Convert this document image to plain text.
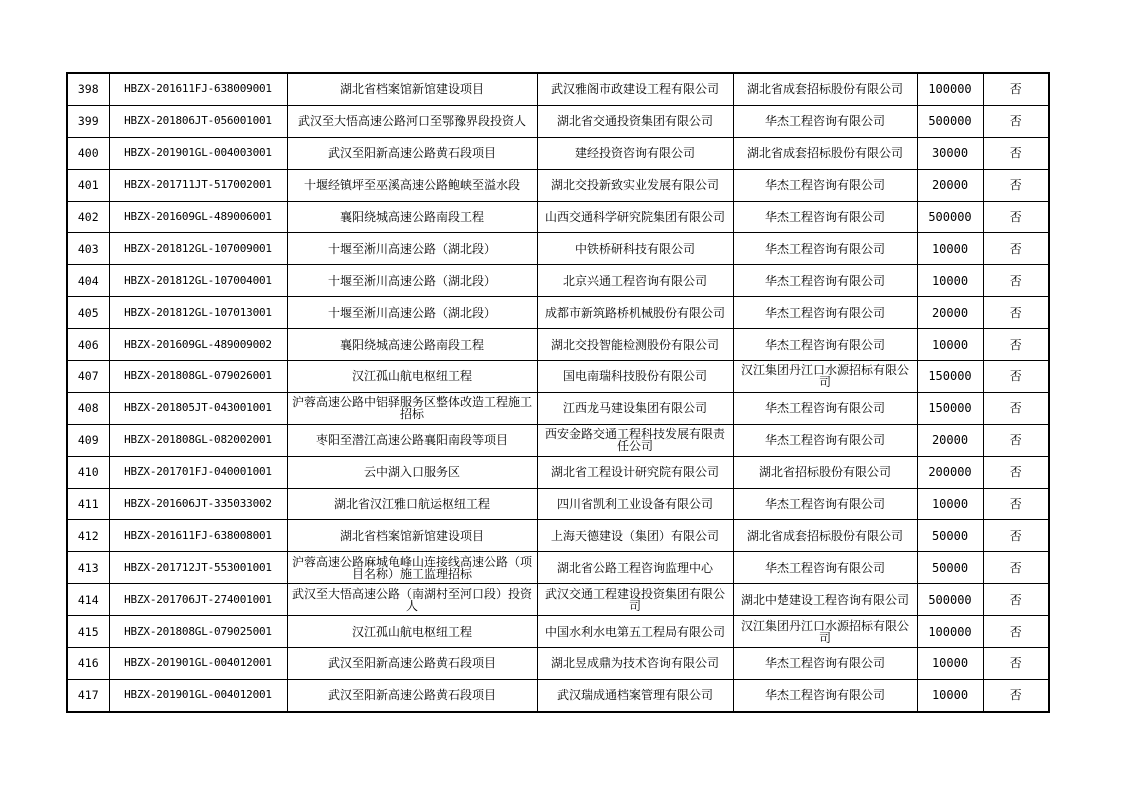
398	HBZX-201611FJ-638009001	湖北省档案馆新馆建设项目	武汉雅阁市政建设工程有限公司	湖北省成套招标股份有限公司	100000	否
399	HBZX-201806JT-056001001	武汉至大悟高速公路河口至鄂豫界段投资人	湖北省交通投资集团有限公司	华杰工程咨询有限公司	500000	否
400	HBZX-201901GL-004003001	武汉至阳新高速公路黄石段项目	建经投资咨询有限公司	湖北省成套招标股份有限公司	30000	否
401	HBZX-201711JT-517002001	十堰经镇坪至巫溪高速公路鲍峡至溢水段	湖北交投新致实业发展有限公司	华杰工程咨询有限公司	20000	否
402	HBZX-201609GL-489006001	襄阳绕城高速公路南段工程	山西交通科学研究院集团有限公司	华杰工程咨询有限公司	500000	否
403	HBZX-201812GL-107009001	十堰至淅川高速公路（湖北段）	中铁桥研科技有限公司	华杰工程咨询有限公司	10000	否
404	HBZX-201812GL-107004001	十堰至淅川高速公路（湖北段）	北京兴通工程咨询有限公司	华杰工程咨询有限公司	10000	否
405	HBZX-201812GL-107013001	十堰至淅川高速公路（湖北段）	成都市新筑路桥机械股份有限公司	华杰工程咨询有限公司	20000	否
406	HBZX-201609GL-489009002	襄阳绕城高速公路南段工程	湖北交投智能检测股份有限公司	华杰工程咨询有限公司	10000	否
407	HBZX-201808GL-079026001	汉江孤山航电枢纽工程	国电南瑞科技股份有限公司	汉江集团丹江口水源招标有限公司	150000	否
408	HBZX-201805JT-043001001	沪蓉高速公路中铝驿服务区整体改造工程施工招标	江西龙马建设集团有限公司	华杰工程咨询有限公司	150000	否
409	HBZX-201808GL-082002001	枣阳至潜江高速公路襄阳南段等项目	西安金路交通工程科技发展有限责任公司	华杰工程咨询有限公司	20000	否
410	HBZX-201701FJ-040001001	云中湖入口服务区	湖北省工程设计研究院有限公司	湖北省招标股份有限公司	200000	否
411	HBZX-201606JT-335033002	湖北省汉江雅口航运枢纽工程	四川省凯利工业设备有限公司	华杰工程咨询有限公司	10000	否
412	HBZX-201611FJ-638008001	湖北省档案馆新馆建设项目	上海天德建设（集团）有限公司	湖北省成套招标股份有限公司	50000	否
413	HBZX-201712JT-553001001	沪蓉高速公路麻城龟峰山连接线高速公路（项目名称）施工监理招标	湖北省公路工程咨询监理中心	华杰工程咨询有限公司	50000	否
414	HBZX-201706JT-274001001	武汉至大悟高速公路（南湖村至河口段）投资人	武汉交通工程建设投资集团有限公司	湖北中楚建设工程咨询有限公司	500000	否
415	HBZX-201808GL-079025001	汉江孤山航电枢纽工程	中国水利水电第五工程局有限公司	汉江集团丹江口水源招标有限公司	100000	否
416	HBZX-201901GL-004012001	武汉至阳新高速公路黄石段项目	湖北昱成鼎为技术咨询有限公司	华杰工程咨询有限公司	10000	否
417	HBZX-201901GL-004012001	武汉至阳新高速公路黄石段项目	武汉瑞成通档案管理有限公司	华杰工程咨询有限公司	10000	否
